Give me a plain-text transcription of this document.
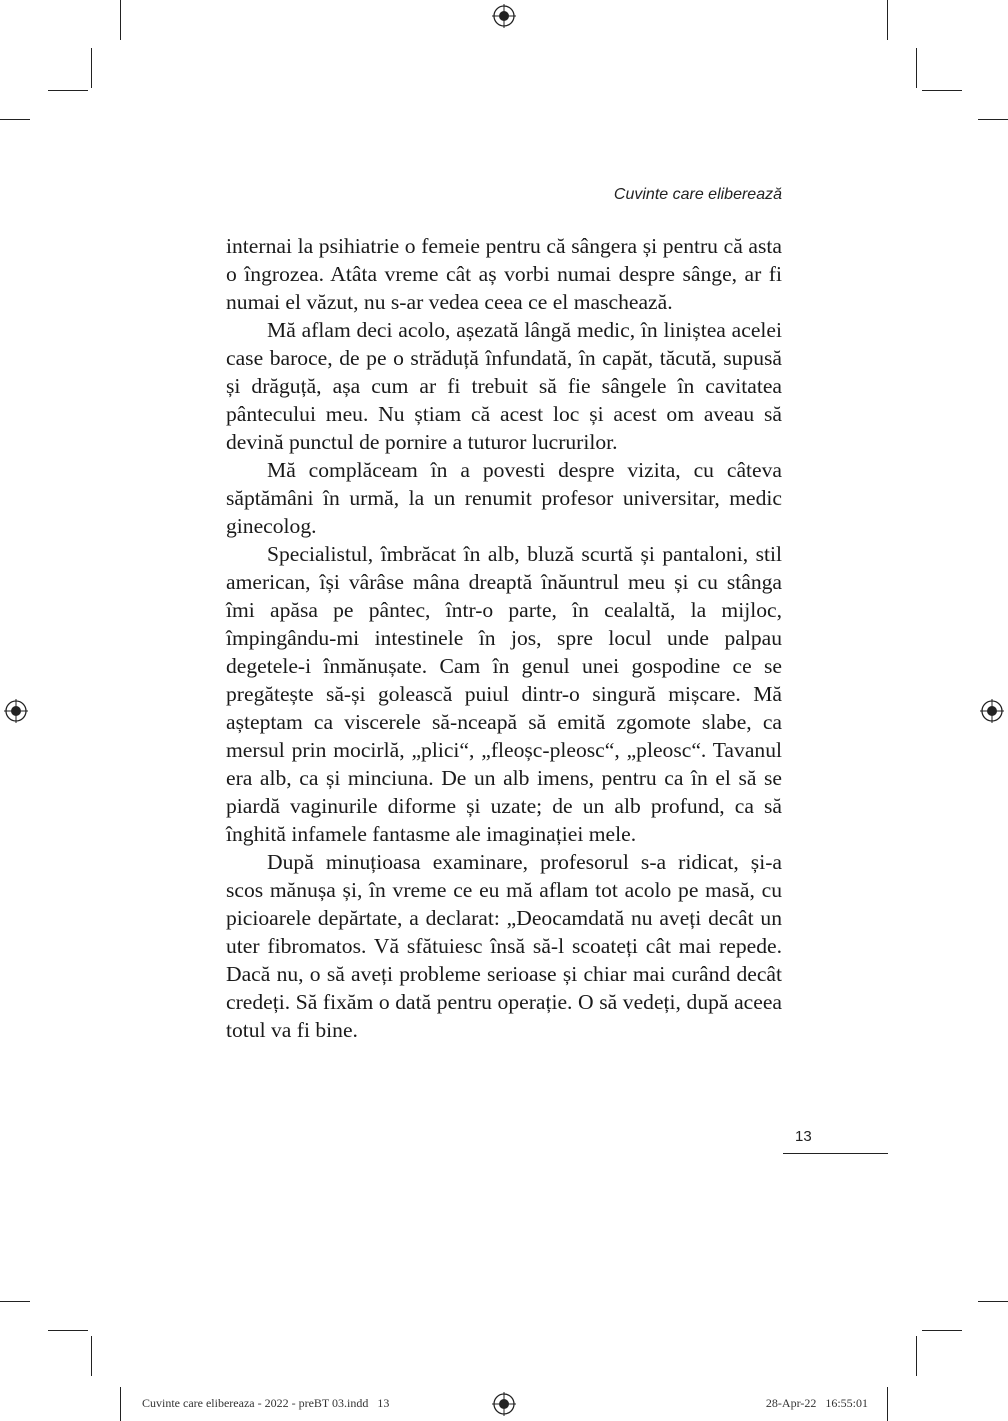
Cuvinte care eliberează

internai la psihiatrie o femeie pentru că sângera și pentru că asta o îngrozea. Atâta vreme cât aș vorbi numai despre sânge, ar fi numai el văzut, nu s-ar vedea ceea ce el maschează.

Mă aflam deci acolo, așezată lângă medic, în liniștea acelei case baroce, de pe o străduță înfundată, în capăt, tăcută, supusă și drăguță, așa cum ar fi trebuit să fie sângele în cavitatea pântecului meu. Nu știam că acest loc și acest om aveau să devină punctul de pornire a tuturor lucrurilor.

Mă complăceam în a povesti despre vizita, cu câteva săptămâni în urmă, la un renumit profesor universitar, medic ginecolog.

Specialistul, îmbrăcat în alb, bluză scurtă și pantaloni, stil american, își vârâse mâna dreaptă înăuntrul meu și cu stânga îmi apăsa pe pântec, într-o parte, în cealaltă, la mijloc, împingându-mi intestinele în jos, spre locul unde palpau degetele-i înmănușate. Cam în genul unei gospodine ce se pregătește să-și golească puiul dintr-o singură mișcare. Mă așteptam ca viscerele să-nceapă să emită zgomote slabe, ca mersul prin mocirlă, „plici“, „fleoșc-pleosc“, „pleosc“. Tavanul era alb, ca și minciuna. De un alb imens, pentru ca în el să se piardă vaginurile diforme și uzate; de un alb profund, ca să înghită infamele fantasme ale imaginației mele.

După minuțioasa examinare, profesorul s-a ridicat, și-a scos mănușa și, în vreme ce eu mă aflam tot acolo pe masă, cu picioarele depărtate, a declarat: „Deocamdată nu aveți decât un uter fibromatos. Vă sfătuiesc însă să-l scoateți cât mai repede. Dacă nu, o să aveți probleme serioase și chiar mai curând decât credeți. Să fixăm o dată pentru operație. O să vedeți, după aceea totul va fi bine.

13
Cuvinte care elibereaza - 2022 - preBT 03.indd   13	28-Apr-22   16:55:01
